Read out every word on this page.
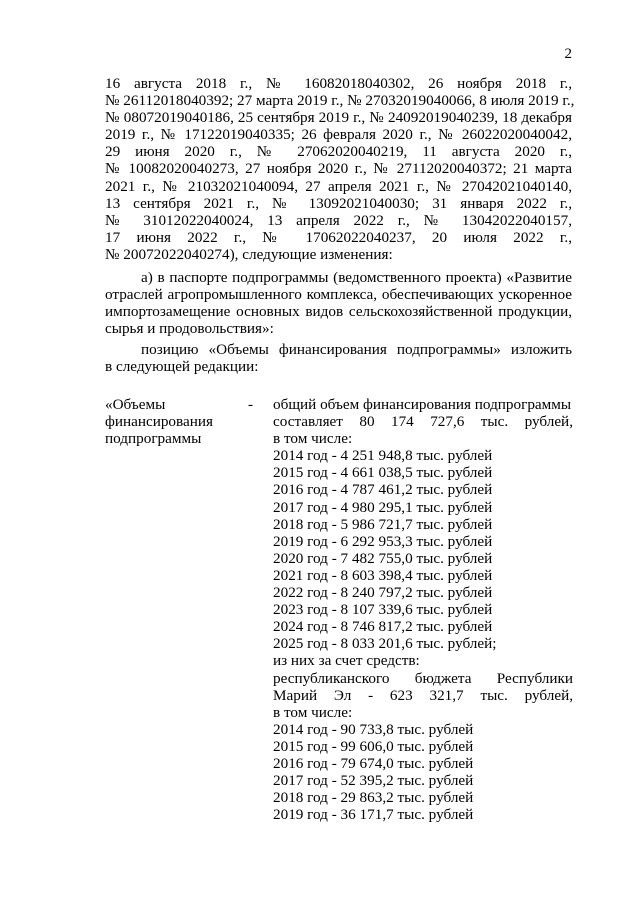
2
16 августа 2018 г., № 16082018040302, 26 ноября 2018 г.,
№ 26112018040392; 27 марта 2019 г., № 27032019040066, 8 июля 2019 г.,
№ 08072019040186, 25 сентября 2019 г., № 24092019040239, 18 декабря
2019 г., № 17122019040335; 26 февраля 2020 г., № 26022020040042,
29 июня 2020 г., № 27062020040219, 11 августа 2020 г.,
№ 10082020040273, 27 ноября 2020 г., № 27112020040372; 21 марта
2021 г., № 21032021040094, 27 апреля 2021 г., № 27042021040140,
13 сентября 2021 г., № 13092021040030; 31 января 2022 г.,
№ 31012022040024, 13 апреля 2022 г., № 13042022040157,
17 июня 2022 г., № 17062022040237, 20 июля 2022 г.,
№ 20072022040274), следующие изменения:
а) в паспорте подпрограммы (ведомственного проекта) «Развитие
отраслей агропромышленного комплекса, обеспечивающих ускоренное
импортозамещение основных видов сельскохозяйственной продукции,
сырья и продовольствия»:
позицию «Объемы финансирования подпрограммы» изложить
в следующей редакции:
«Объемы
финансирования
подпрограммы
- общий объем финансирования подпрограммы
составляет 80 174 727,6 тыс. рублей,
в том числе:
2014 год - 4 251 948,8 тыс. рублей
2015 год - 4 661 038,5 тыс. рублей
2016 год - 4 787 461,2 тыс. рублей
2017 год - 4 980 295,1 тыс. рублей
2018 год - 5 986 721,7 тыс. рублей
2019 год - 6 292 953,3 тыс. рублей
2020 год - 7 482 755,0 тыс. рублей
2021 год - 8 603 398,4 тыс. рублей
2022 год - 8 240 797,2 тыс. рублей
2023 год - 8 107 339,6 тыс. рублей
2024 год - 8 746 817,2 тыс. рублей
2025 год - 8 033 201,6 тыс. рублей;
из них за счет средств:
республиканского бюджета Республики
Марий Эл - 623 321,7 тыс. рублей,
в том числе:
2014 год - 90 733,8 тыс. рублей
2015 год - 99 606,0 тыс. рублей
2016 год - 79 674,0 тыс. рублей
2017 год - 52 395,2 тыс. рублей
2018 год - 29 863,2 тыс. рублей
2019 год - 36 171,7 тыс. рублей
